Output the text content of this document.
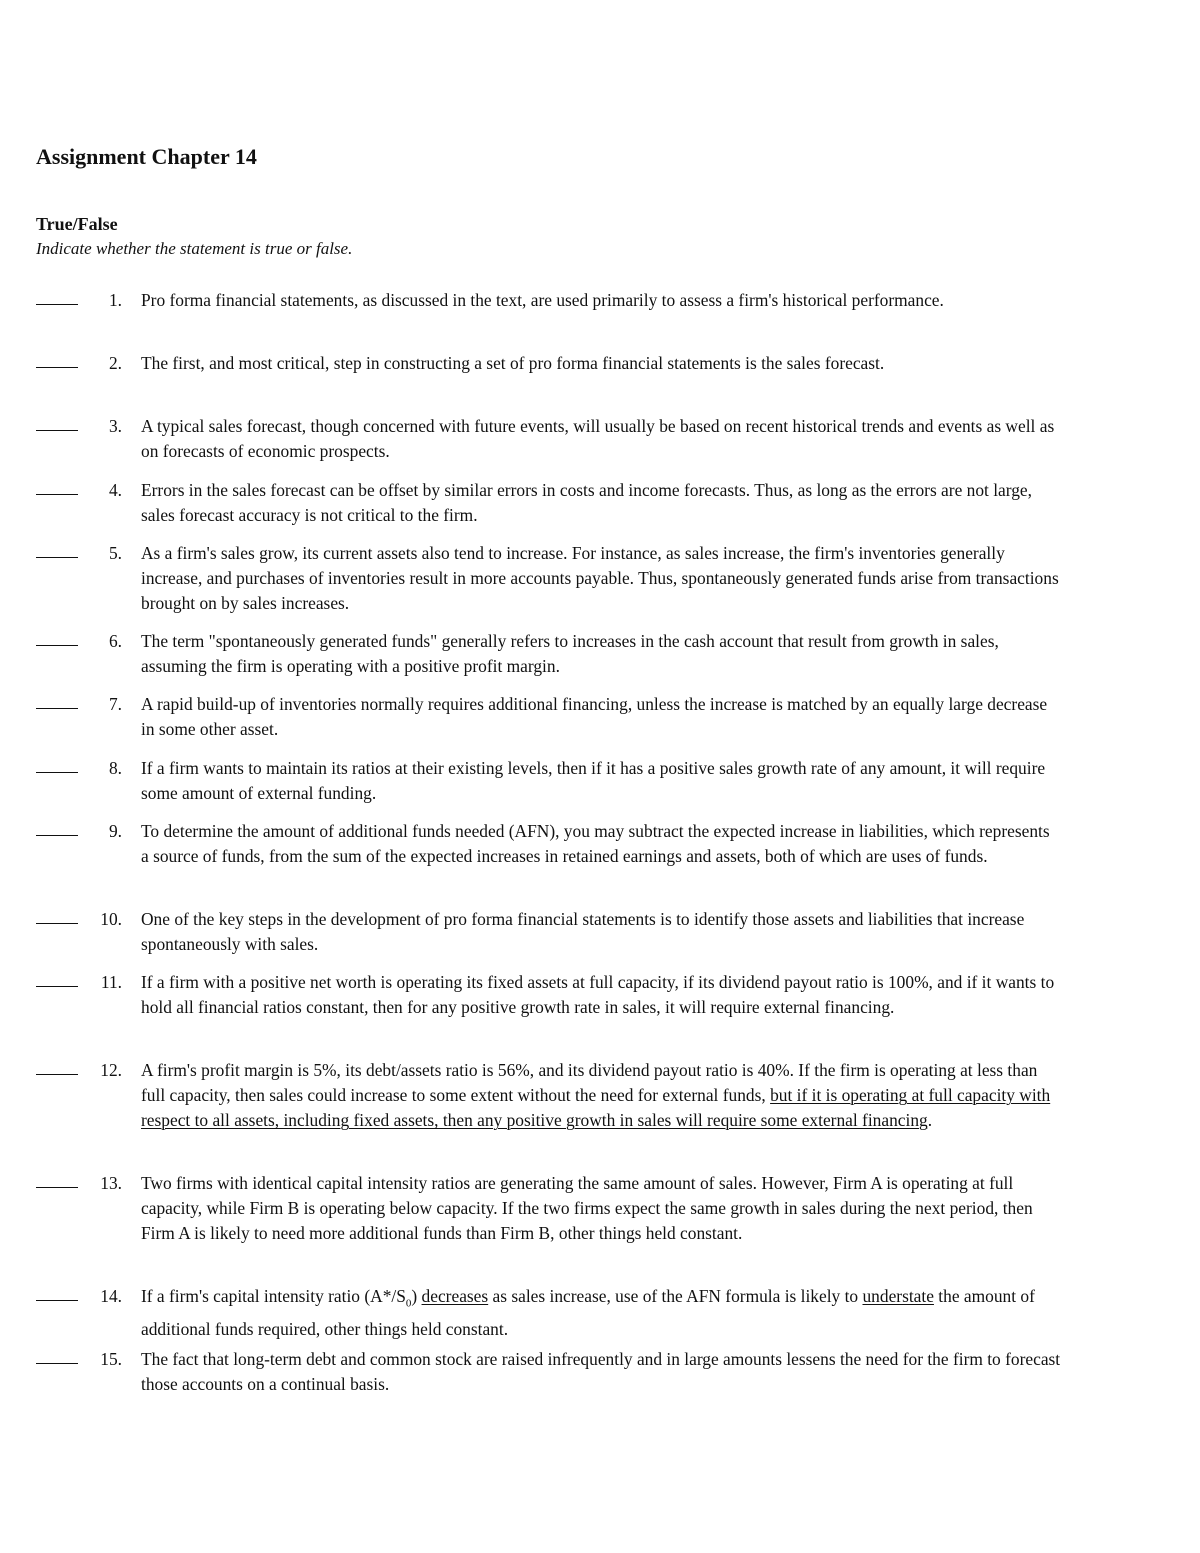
Assignment Chapter 14
True/False
Indicate whether the statement is true or false.
1. Pro forma financial statements, as discussed in the text, are used primarily to assess a firm's historical performance.
2. The first, and most critical, step in constructing a set of pro forma financial statements is the sales forecast.
3. A typical sales forecast, though concerned with future events, will usually be based on recent historical trends and events as well as on forecasts of economic prospects.
4. Errors in the sales forecast can be offset by similar errors in costs and income forecasts. Thus, as long as the errors are not large, sales forecast accuracy is not critical to the firm.
5. As a firm's sales grow, its current assets also tend to increase. For instance, as sales increase, the firm's inventories generally increase, and purchases of inventories result in more accounts payable. Thus, spontaneously generated funds arise from transactions brought on by sales increases.
6. The term "spontaneously generated funds" generally refers to increases in the cash account that result from growth in sales, assuming the firm is operating with a positive profit margin.
7. A rapid build-up of inventories normally requires additional financing, unless the increase is matched by an equally large decrease in some other asset.
8. If a firm wants to maintain its ratios at their existing levels, then if it has a positive sales growth rate of any amount, it will require some amount of external funding.
9. To determine the amount of additional funds needed (AFN), you may subtract the expected increase in liabilities, which represents a source of funds, from the sum of the expected increases in retained earnings and assets, both of which are uses of funds.
10. One of the key steps in the development of pro forma financial statements is to identify those assets and liabilities that increase spontaneously with sales.
11. If a firm with a positive net worth is operating its fixed assets at full capacity, if its dividend payout ratio is 100%, and if it wants to hold all financial ratios constant, then for any positive growth rate in sales, it will require external financing.
12. A firm's profit margin is 5%, its debt/assets ratio is 56%, and its dividend payout ratio is 40%. If the firm is operating at less than full capacity, then sales could increase to some extent without the need for external funds, but if it is operating at full capacity with respect to all assets, including fixed assets, then any positive growth in sales will require some external financing.
13. Two firms with identical capital intensity ratios are generating the same amount of sales. However, Firm A is operating at full capacity, while Firm B is operating below capacity. If the two firms expect the same growth in sales during the next period, then Firm A is likely to need more additional funds than Firm B, other things held constant.
14. If a firm's capital intensity ratio $(A*/S_0)$ decreases as sales increase, use of the AFN formula is likely to understate the amount of additional funds required, other things held constant.
15. The fact that long-term debt and common stock are raised infrequently and in large amounts lessens the need for the firm to forecast those accounts on a continual basis.
